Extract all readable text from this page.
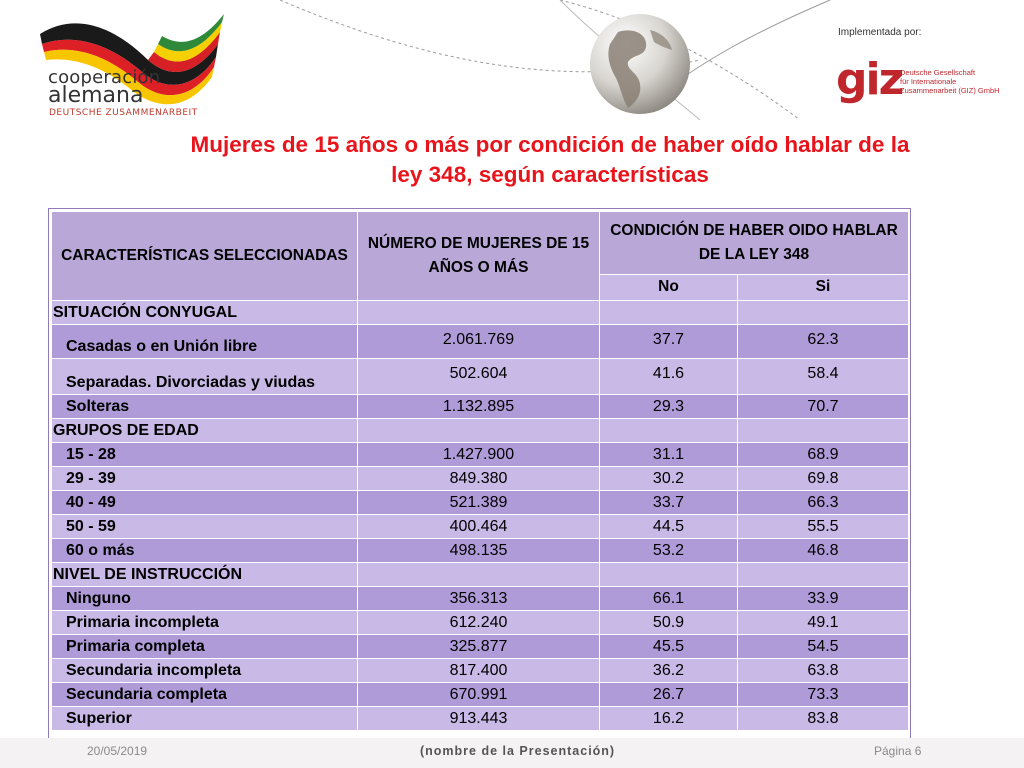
cooperación
alemana
DEUTSCHE ZUSAMMENARBEIT
Implementada por:
giz
Deutsche Gesellschaft
für Internationale
Zusammenarbeit (GIZ) GmbH
Mujeres de 15 años o más por condición de haber oído hablar de la
ley 348, según características
CARACTERÍSTICAS SELECCIONADAS	NÚMERO DE MUJERES DE 15 AÑOS O MÁS	CONDICIÓN DE HABER OIDO HABLAR DE LA LEY 348	
		No	Si
SITUACIÓN CONYUGAL			
Casadas o en Unión libre	2.061.769	37.7	62.3
Separadas. Divorciadas y viudas	502.604	41.6	58.4
Solteras	1.132.895	29.3	70.7
GRUPOS DE EDAD			
15 - 28	1.427.900	31.1	68.9
29 - 39	849.380	30.2	69.8
40 - 49	521.389	33.7	66.3
50 - 59	400.464	44.5	55.5
60 o más	498.135	53.2	46.8
NIVEL DE INSTRUCCIÓN			
Ninguno	356.313	66.1	33.9
Primaria incompleta	612.240	50.9	49.1
Primaria completa	325.877	45.5	54.5
Secundaria incompleta	817.400	36.2	63.8
Secundaria completa	670.991	26.7	73.3
Superior	913.443	16.2	83.8
20/05/2019	(nombre de la Presentación)	Página 6
